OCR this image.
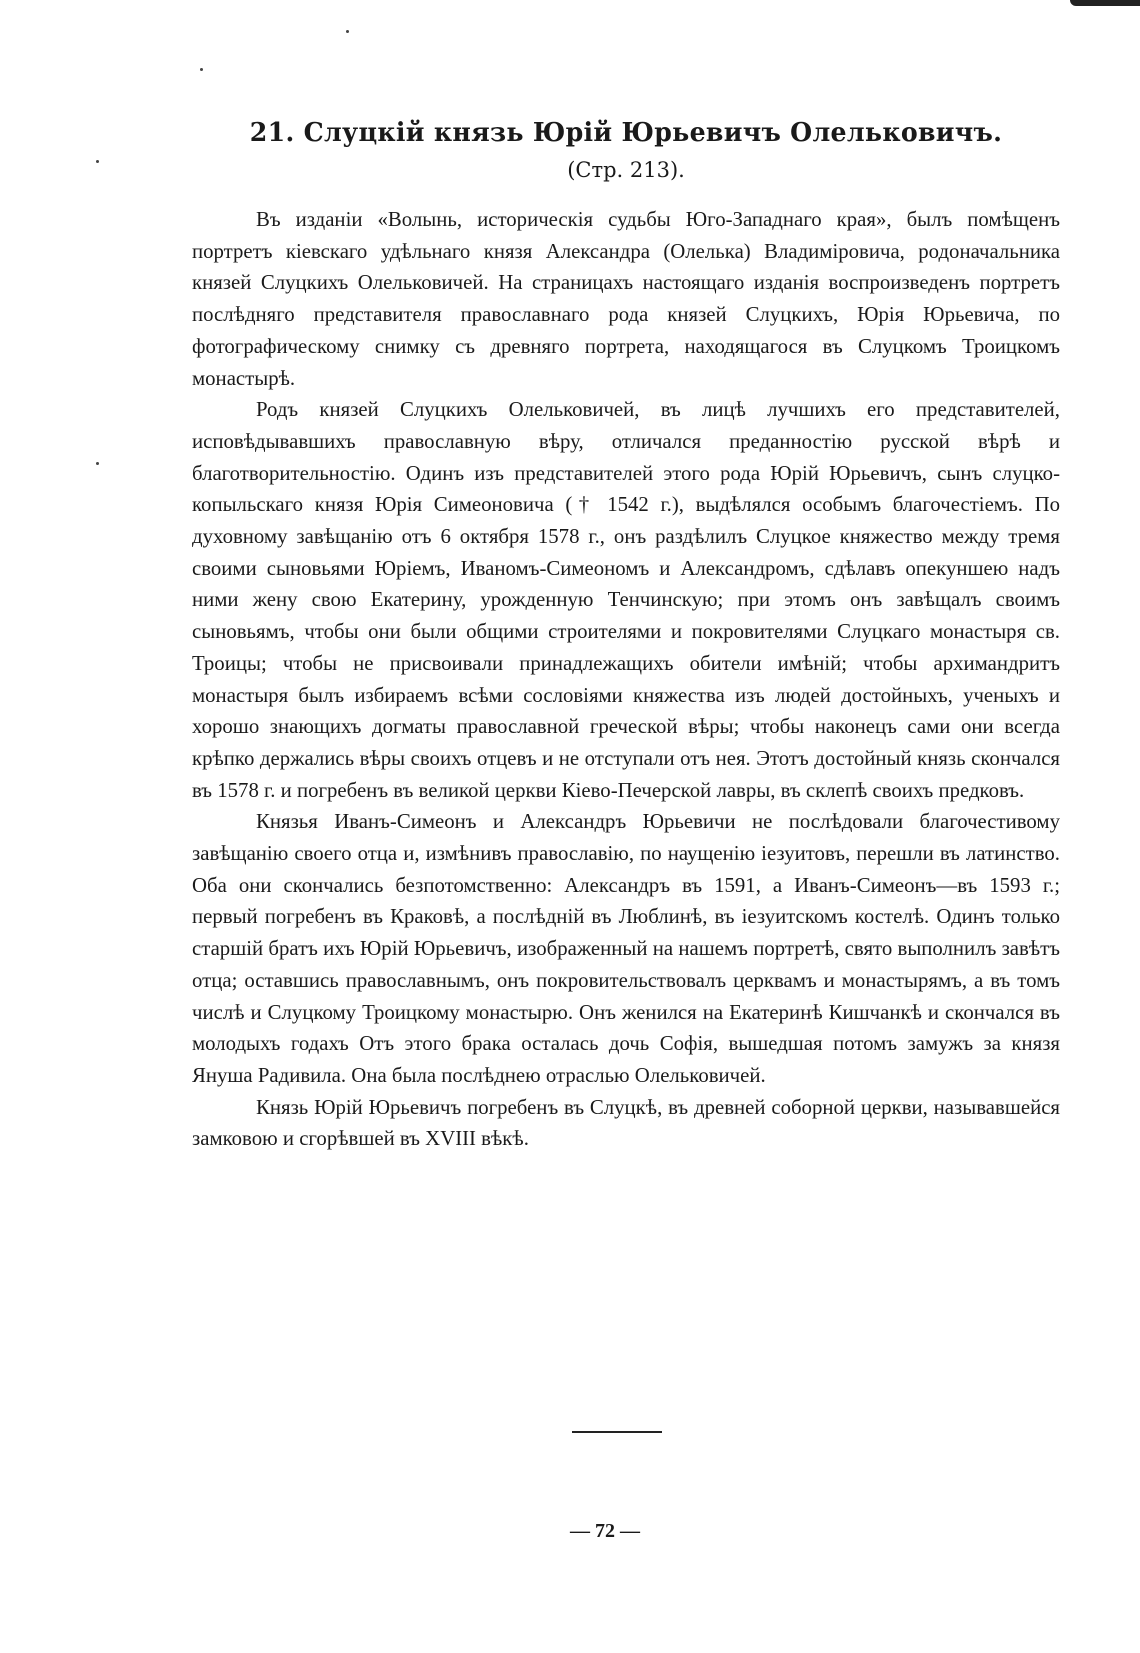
21. Слуцкій князь Юрій Юрьевичъ Олельковичъ.
(Стр. 213).

Въ изданіи «Волынь, историческія судьбы Юго-Западнаго края», былъ помѣщенъ портретъ кіевскаго удѣльнаго князя Александра (Олелька) Владимiровича, родоначальника князей Слуцкихъ Олельковичей. На страницахъ настоящаго изданія воспроизведенъ портретъ послѣдняго представителя православнаго рода князей Слуцкихъ, Юрія Юрьевича, по фотографическому снимку съ древняго портрета, находящагося въ Слуцкомъ Троицкомъ монастырѣ.

Родъ князей Слуцкихъ Олельковичей, въ лицѣ лучшихъ его представителей, исповѣдывавшихъ православную вѣру, отличался преданностію русской вѣрѣ и благотворительностію. Одинъ изъ представителей этого рода Юрій Юрьевичъ, сынъ слуцко-копыльскаго князя Юрія Симеоновича († 1542 г.), выдѣлялся особымъ благочестіемъ. По духовному завѣщанію отъ 6 октября 1578 г., онъ раздѣлилъ Слуцкое княжество между тремя своими сыновьями Юріемъ, Иваномъ-Симеономъ и Александромъ, сдѣлавъ опекуншею надъ ними жену свою Екатерину, урожденную Тенчинскую; при этомъ онъ завѣщалъ своимъ сыновьямъ, чтобы они были общими строителями и покровителями Слуцкаго монастыря св. Троицы; чтобы не присвоивали принадлежащихъ обители имѣній; чтобы архимандритъ монастыря былъ избираемъ всѣми сословіями княжества изъ людей достойныхъ, ученыхъ и хорошо знающихъ догматы православной греческой вѣры; чтобы наконецъ сами они всегда крѣпко держались вѣры своихъ отцевъ и не отступали отъ нея. Этотъ достойный князь скончался въ 1578 г. и погребенъ въ великой церкви Кіево-Печерской лавры, въ склепѣ своихъ предковъ.

Князья Иванъ-Симеонъ и Александръ Юрьевичи не послѣдовали благочестивому завѣщанію своего отца и, измѣнивъ православію, по наущенію іезуитовъ, перешли въ латинство. Оба они скончались безпотомственно: Александръ въ 1591, а Иванъ-Симеонъ—въ 1593 г.; первый погребенъ въ Краковѣ, а послѣдній въ Люблинѣ, въ іезуитскомъ костелѣ. Одинъ только старшій братъ ихъ Юрій Юрьевичъ, изображенный на нашемъ портретѣ, свято выполнилъ завѣтъ отца; оставшись православнымъ, онъ покровительствовалъ церквамъ и монастырямъ, а въ томъ числѣ и Слуцкому Троицкому монастырю. Онъ женился на Екатеринѣ Кишчанкѣ и скончался въ молодыхъ годахъ Отъ этого брака осталась дочь Софія, вышедшая потомъ замужъ за князя Януша Радивила. Она была послѣднею отраслью Олельковичей.

Князь Юрій Юрьевичъ погребенъ въ Слуцкѣ, въ древней соборной церкви, называвшейся замковою и сгорѣвшей въ XVIII вѣкѣ.

— 72 —
